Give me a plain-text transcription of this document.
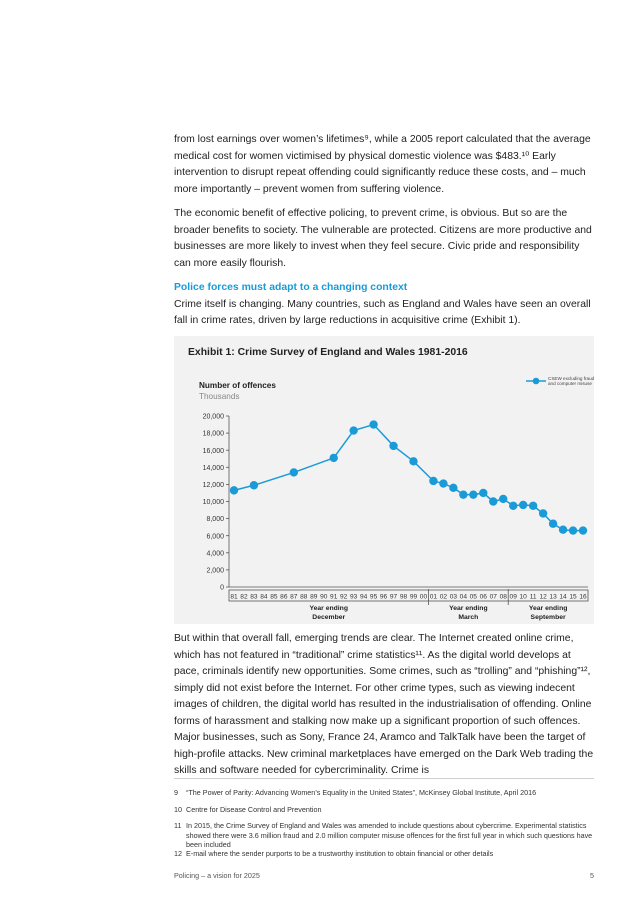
from lost earnings over women’s lifetimes⁹, while a 2005 report calculated that the average medical cost for women victimised by physical domestic violence was $483.¹⁰ Early intervention to disrupt repeat offending could significantly reduce these costs, and – much more importantly – prevent women from suffering violence.

The economic benefit of effective policing, to prevent crime, is obvious. But so are the broader benefits to society. The vulnerable are protected. Citizens are more productive and businesses are more likely to invest when they feel secure. Civic pride and responsibility can more easily flourish.

Police forces must adapt to a changing context
Crime itself is changing. Many countries, such as England and Wales have seen an overall fall in crime rates, driven by large reductions in acquisitive crime (Exhibit 1).

Exhibit 1: Crime Survey of England and Wales 1981-2016
Number of offences
Thousands
CSEW excluding fraud and computer misuse
0
2,000
4,000
6,000
8,000
10,000
12,000
14,000
16,000
18,000
20,000
81 82 83 84 85 86 87 88 89 90 91 92 93 94 95 96 97 98 99 00 01 02 03 04 05 06 07 08 09 10 11 12 13 14 15 16
Year ending December
Year ending March
Year ending September

But within that overall fall, emerging trends are clear. The Internet created online crime, which has not featured in “traditional” crime statistics¹¹. As the digital world develops at pace, criminals identify new opportunities. Some crimes, such as “trolling” and “phishing”¹², simply did not exist before the Internet. For other crime types, such as viewing indecent images of children, the digital world has resulted in the industrialisation of offending. Online forms of harassment and stalking now make up a significant proportion of such offences. Major businesses, such as Sony, France 24, Aramco and TalkTalk have been the target of high-profile attacks. New criminal marketplaces have emerged on the Dark Web trading the skills and software needed for cybercriminality. Crime is

9 “The Power of Parity: Advancing Women’s Equality in the United States”, McKinsey Global Institute, April 2016
10 Centre for Disease Control and Prevention
11 In 2015, the Crime Survey of England and Wales was amended to include questions about cybercrime. Experimental statistics showed there were 3.6 million fraud and 2.0 million computer misuse offences for the first full year in which such questions have been included
12 E-mail where the sender purports to be a trustworthy institution to obtain financial or other details
Policing – a vision for 2025	5
